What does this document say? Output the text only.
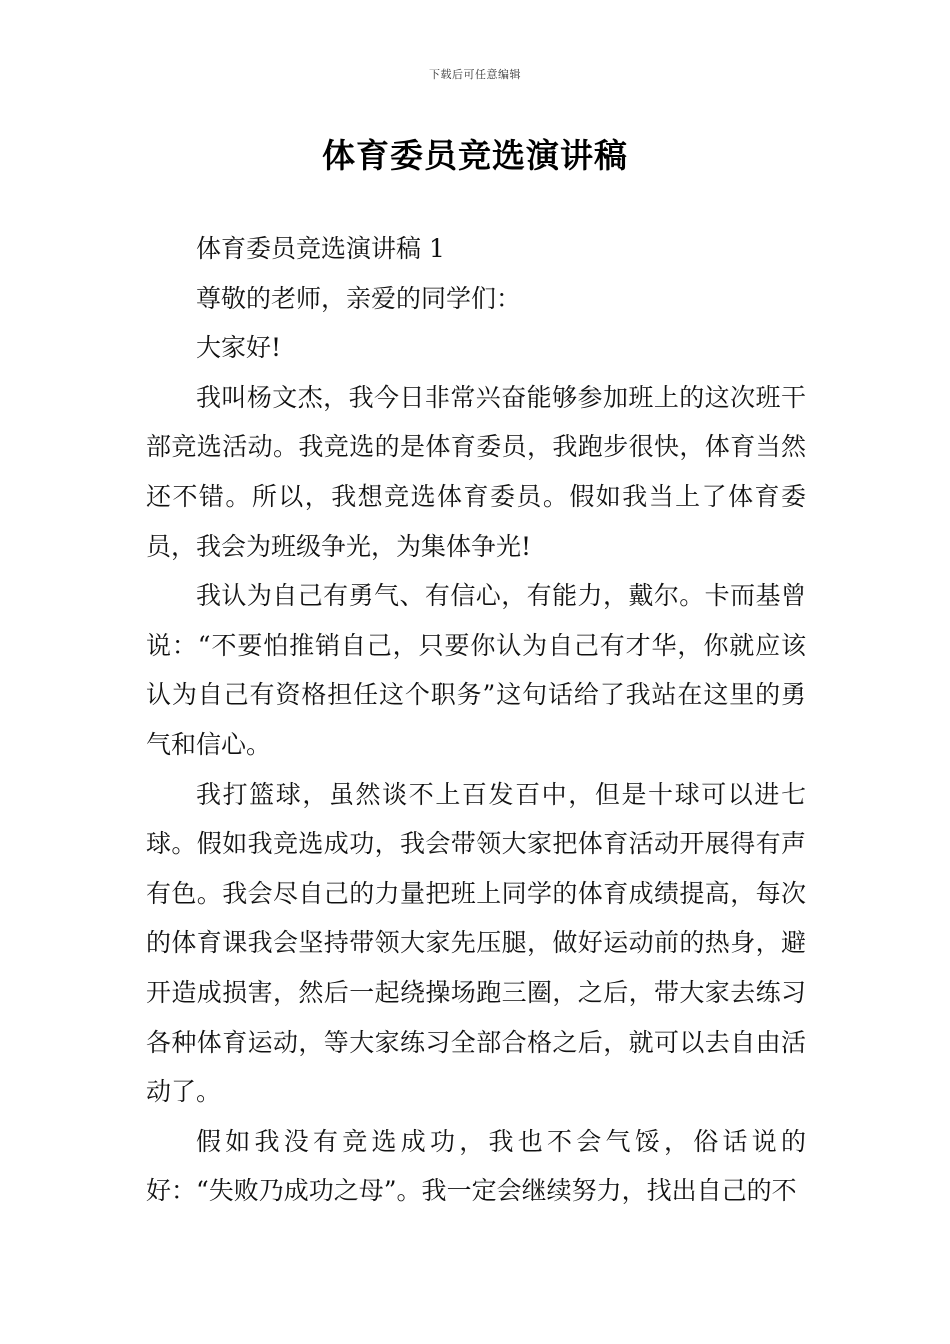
下载后可任意编辑
体育委员竞选演讲稿

体育委员竞选演讲稿 1

尊敬的老师，亲爱的同学们：

大家好!

我叫杨文杰，我今日非常兴奋能够参加班上的这次班干部竞选活动。我竞选的是体育委员，我跑步很快，体育当然还不错。所以，我想竞选体育委员。假如我当上了体育委员，我会为班级争光，为集体争光!

我认为自己有勇气、有信心，有能力，戴尔。卡而基曾说：“不要怕推销自己，只要你认为自己有才华，你就应该认为自己有资格担任这个职务”这句话给了我站在这里的勇气和信心。

我打篮球，虽然谈不上百发百中，但是十球可以进七球。假如我竞选成功，我会带领大家把体育活动开展得有声有色。我会尽自己的力量把班上同学的体育成绩提高，每次的体育课我会坚持带领大家先压腿，做好运动前的热身，避开造成损害，然后一起绕操场跑三圈，之后，带大家去练习各种体育运动，等大家练习全部合格之后，就可以去自由活动了。

假如我没有竞选成功，我也不会气馁，俗话说的好：“失败乃成功之母”。我一定会继续努力，找出自己的不
